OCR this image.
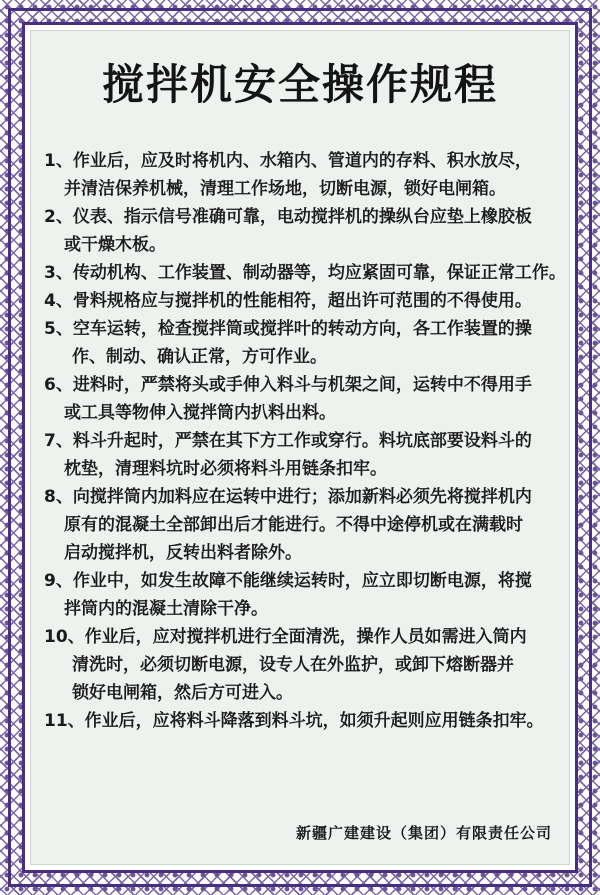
搅拌机安全操作规程
1、作业后，应及时将机内、水箱内、管道内的存料、积水放尽，
并清洁保养机械，清理工作场地，切断电源，锁好电闸箱。
2、仪表、指示信号准确可靠，电动搅拌机的操纵台应垫上橡胶板
或干燥木板。
3、传动机构、工作装置、制动器等，均应紧固可靠，保证正常工作。
4、骨料规格应与搅拌机的性能相符，超出许可范围的不得使用。
5、空车运转，检查搅拌筒或搅拌叶的转动方向，各工作装置的操
作、制动、确认正常，方可作业。
6、进料时，严禁将头或手伸入料斗与机架之间，运转中不得用手
或工具等物伸入搅拌筒内扒料出料。
7、料斗升起时，严禁在其下方工作或穿行。料坑底部要设料斗的
枕垫，清理料坑时必须将料斗用链条扣牢。
8、向搅拌筒内加料应在运转中进行；添加新料必须先将搅拌机内
原有的混凝土全部卸出后才能进行。不得中途停机或在满载时
启动搅拌机，反转出料者除外。
9、作业中，如发生故障不能继续运转时，应立即切断电源，将搅
拌筒内的混凝土清除干净。
10、作业后，应对搅拌机进行全面清洗，操作人员如需进入筒内
清洗时，必须切断电源，设专人在外监护，或卸下熔断器并
锁好电闸箱，然后方可进入。
11、作业后，应将料斗降落到料斗坑，如须升起则应用链条扣牢。
新疆广建建设（集团）有限责任公司
